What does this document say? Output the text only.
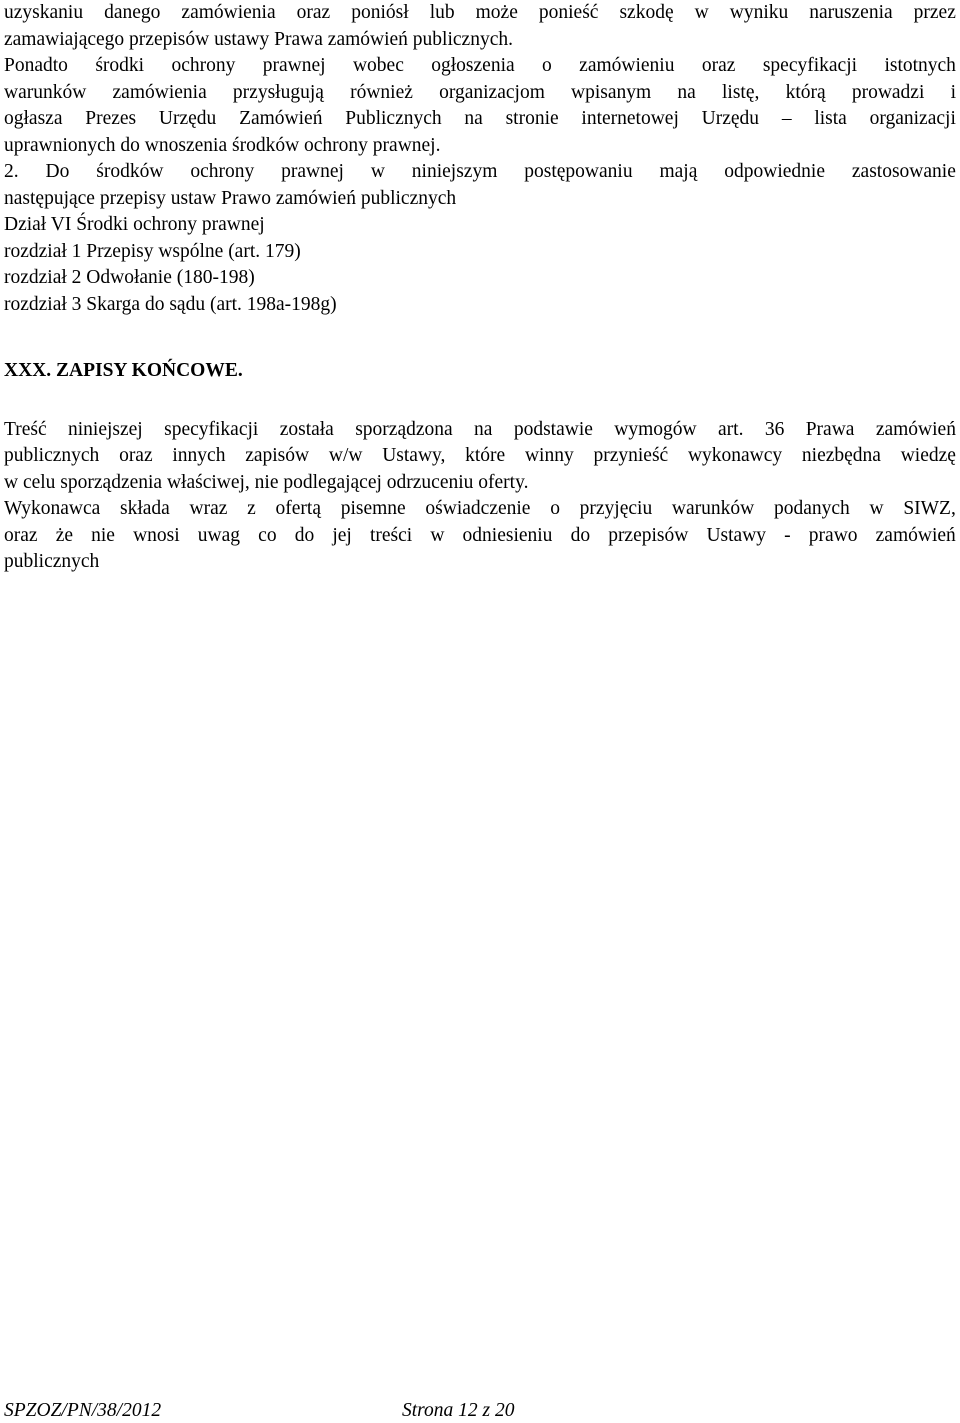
uzyskaniu danego zamówienia oraz poniósł lub może ponieść szkodę w wyniku naruszenia przez
zamawiającego przepisów ustawy Prawa zamówień publicznych.
Ponadto środki ochrony prawnej wobec ogłoszenia o zamówieniu oraz specyfikacji istotnych
warunków zamówienia przysługują również organizacjom wpisanym na listę, którą prowadzi i
ogłasza Prezes Urzędu Zamówień Publicznych na stronie internetowej Urzędu – lista organizacji
uprawnionych do wnoszenia środków ochrony prawnej.
2. Do środków ochrony prawnej w niniejszym postępowaniu mają odpowiednie zastosowanie
następujące przepisy ustaw Prawo zamówień publicznych
Dział VI Środki ochrony prawnej
rozdział 1 Przepisy wspólne (art. 179)
rozdział 2 Odwołanie (180-198)
rozdział 3 Skarga do sądu (art. 198a-198g)
XXX. ZAPISY KOŃCOWE.
Treść niniejszej specyfikacji została sporządzona na podstawie wymogów art. 36 Prawa zamówień
publicznych oraz innych zapisów w/w Ustawy, które winny przynieść wykonawcy niezbędna wiedzę
w celu sporządzenia właściwej, nie podlegającej odrzuceniu oferty.
Wykonawca składa wraz z ofertą pisemne oświadczenie o przyjęciu warunków podanych w SIWZ,
oraz że nie wnosi uwag co do jej treści w odniesieniu do przepisów Ustawy - prawo zamówień
publicznych
SPZOZ/PN/38/2012	Strona 12 z 20
